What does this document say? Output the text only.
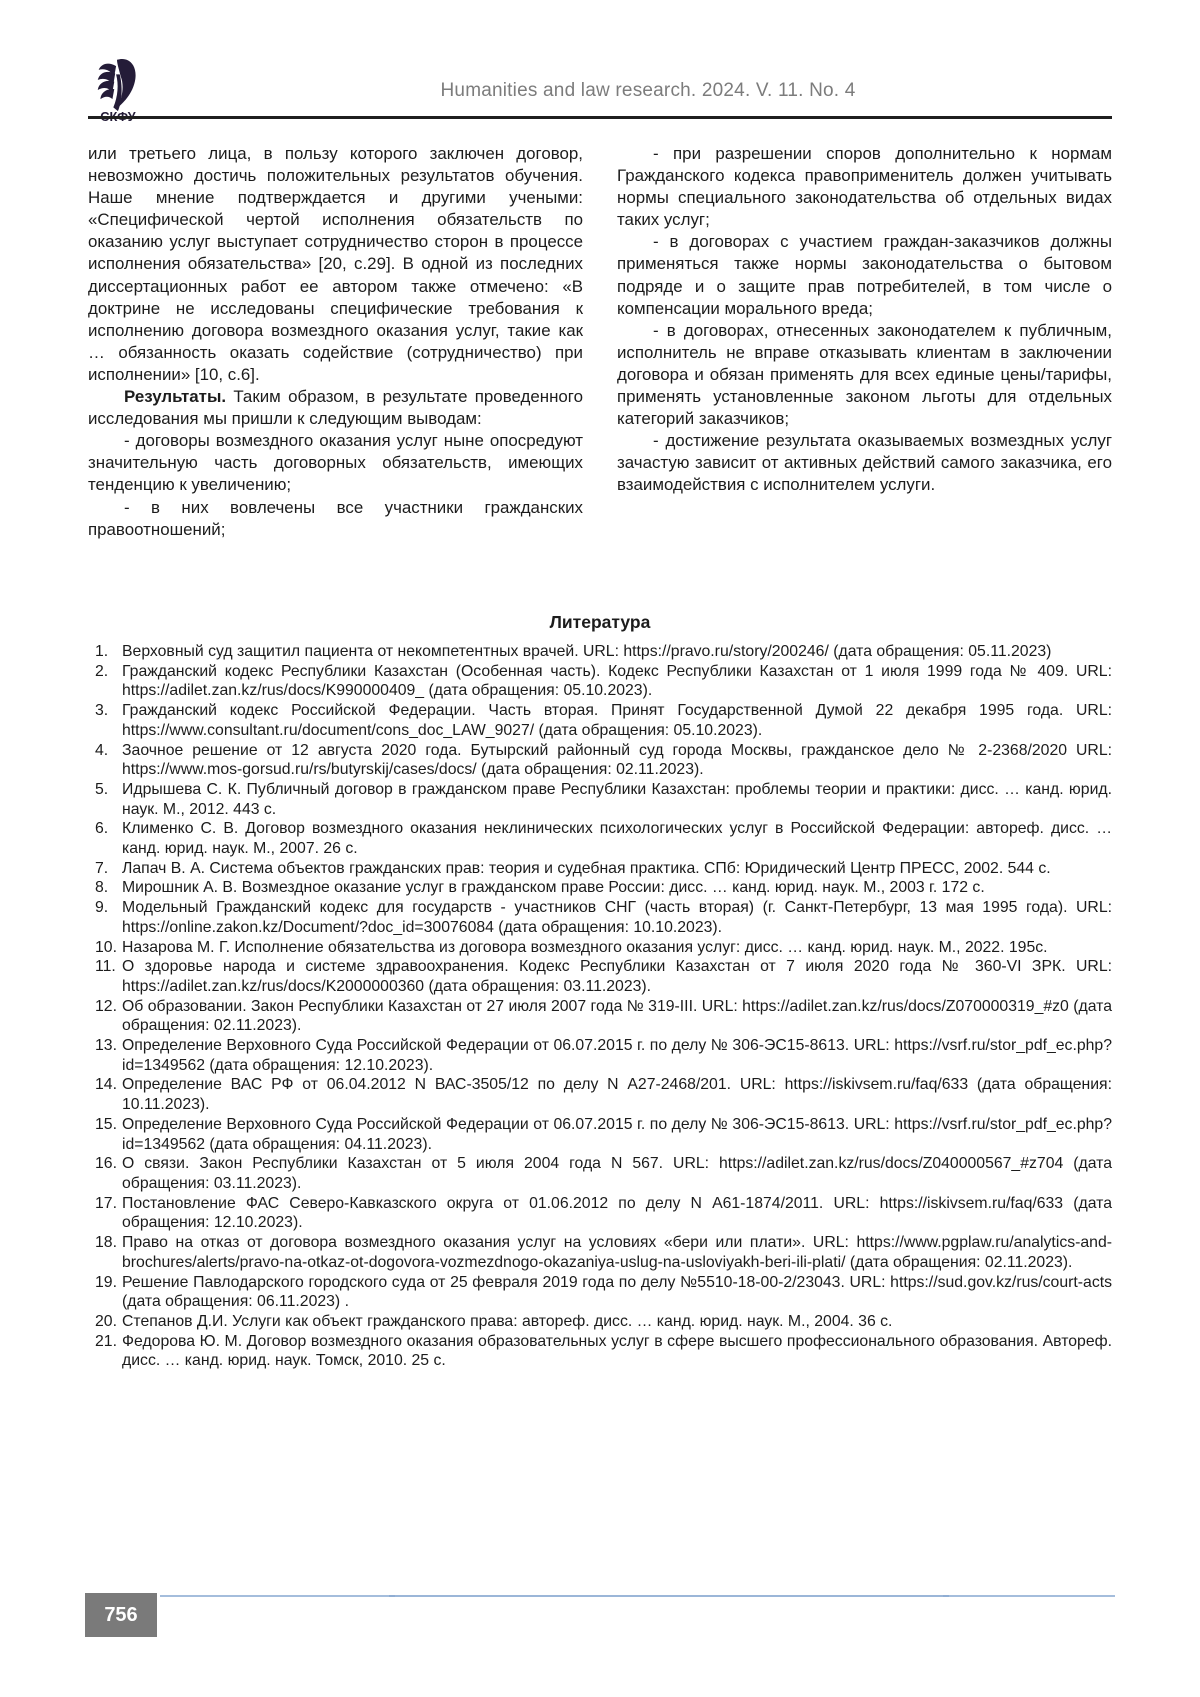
Humanities and law research. 2024. V. 11. No. 4

или третьего лица, в пользу которого заключен договор, невозможно достичь положительных результатов обучения. Наше мнение подтверждается и другими учеными: «Специфической чертой исполнения обязательств по оказанию услуг выступает сотрудничество сторон в процессе исполнения обязательства» [20, с.29]. В одной из последних диссертационных работ ее автором также отмечено: «В доктрине не исследованы специфические требования к исполнению договора возмездного оказания услуг, такие как … обязанность оказать содействие (сотрудничество) при исполнении» [10, с.6].

Результаты. Таким образом, в результате проведенного исследования мы пришли к следующим выводам:

- договоры возмездного оказания услуг ныне опосредуют значительную часть договорных обязательств, имеющих тенденцию к увеличению;

- в них вовлечены все участники гражданских правоотношений;

- при разрешении споров дополнительно к нормам Гражданского кодекса правоприменитель должен учитывать нормы специального законодательства об отдельных видах таких услуг;

- в договорах с участием граждан-заказчиков должны применяться также нормы законодательства о бытовом подряде и о защите прав потребителей, в том числе о компенсации морального вреда;

- в договорах, отнесенных законодателем к публичным, исполнитель не вправе отказывать клиентам в заключении договора и обязан применять для всех единые цены/тарифы, применять установленные законом льготы для отдельных категорий заказчиков;

- достижение результата оказываемых возмездных услуг зачастую зависит от активных действий самого заказчика, его взаимодействия с исполнителем услуги.

Литература
1. Верховный суд защитил пациента от некомпетентных врачей. URL: https://pravo.ru/story/200246/ (дата обращения: 05.11.2023)
2. Гражданский кодекс Республики Казахстан (Особенная часть). Кодекс Республики Казахстан от 1 июля 1999 года № 409. URL: https://adilet.zan.kz/rus/docs/K990000409_ (дата обращения: 05.10.2023).
3. Гражданский кодекс Российской Федерации. Часть вторая. Принят Государственной Думой 22 декабря 1995 года. URL: https://www.consultant.ru/document/cons_doc_LAW_9027/ (дата обращения: 05.10.2023).
4. Заочное решение от 12 августа 2020 года. Бутырский районный суд города Москвы, гражданское дело № 2-2368/2020 URL: https://www.mos-gorsud.ru/rs/butyrskij/cases/docs/ (дата обращения: 02.11.2023).
5. Идрышева С. К. Публичный договор в гражданском праве Республики Казахстан: проблемы теории и практики: дисс. … канд. юрид. наук. М., 2012. 443 с.
6. Клименко С. В. Договор возмездного оказания неклинических психологических услуг в Российской Федерации: автореф. дисс. … канд. юрид. наук. М., 2007. 26 с.
7. Лапач В. А. Система объектов гражданских прав: теория и судебная практика. СПб: Юридический Центр ПРЕСС, 2002. 544 с.
8. Мирошник А. В. Возмездное оказание услуг в гражданском праве России: дисс. … канд. юрид. наук. М., 2003 г. 172 с.
9. Модельный Гражданский кодекс для государств - участников СНГ (часть вторая) (г. Санкт-Петербург, 13 мая 1995 года). URL: https://online.zakon.kz/Document/?doc_id=30076084 (дата обращения: 10.10.2023).
10. Назарова М. Г. Исполнение обязательства из договора возмездного оказания услуг: дисс. … канд. юрид. наук. М., 2022. 195с.
11. О здоровье народа и системе здравоохранения. Кодекс Республики Казахстан от 7 июля 2020 года № 360-VI ЗРК. URL: https://adilet.zan.kz/rus/docs/K2000000360 (дата обращения: 03.11.2023).
12. Об образовании. Закон Республики Казахстан от 27 июля 2007 года № 319-III. URL: https://adilet.zan.kz/rus/docs/Z070000319_#z0 (дата обращения: 02.11.2023).
13. Определение Верховного Суда Российской Федерации от 06.07.2015 г. по делу № 306-ЭС15-8613. URL: https://vsrf.ru/stor_pdf_ec.php?id=1349562 (дата обращения: 12.10.2023).
14. Определение ВАС РФ от 06.04.2012 N ВАС-3505/12 по делу N А27-2468/201. URL: https://iskivsem.ru/faq/633 (дата обращения: 10.11.2023).
15. Определение Верховного Суда Российской Федерации от 06.07.2015 г. по делу № 306-ЭС15-8613. URL: https://vsrf.ru/stor_pdf_ec.php?id=1349562 (дата обращения: 04.11.2023).
16. О связи. Закон Республики Казахстан от 5 июля 2004 года N 567. URL: https://adilet.zan.kz/rus/docs/Z040000567_#z704 (дата обращения: 03.11.2023).
17. Постановление ФАС Северо-Кавказского округа от 01.06.2012 по делу N А61-1874/2011. URL: https://iskivsem.ru/faq/633 (дата обращения: 12.10.2023).
18. Право на отказ от договора возмездного оказания услуг на условиях «бери или плати». URL: https://www.pgplaw.ru/analytics-and-brochures/alerts/pravo-na-otkaz-ot-dogovora-vozmezdnogo-okazaniya-uslug-na-usloviyakh-beri-ili-plati/ (дата обращения: 02.11.2023).
19. Решение Павлодарского городского суда от 25 февраля 2019 года по делу №5510-18-00-2/23043. URL: https://sud.gov.kz/rus/court-acts (дата обращения: 06.11.2023) .
20. Степанов Д.И. Услуги как объект гражданского права: автореф. дисс. … канд. юрид. наук. М., 2004. 36 с.
21. Федорова Ю. М. Договор возмездного оказания образовательных услуг в сфере высшего профессионального образования. Автореф. дисс. … канд. юрид. наук. Томск, 2010. 25 с.
756
